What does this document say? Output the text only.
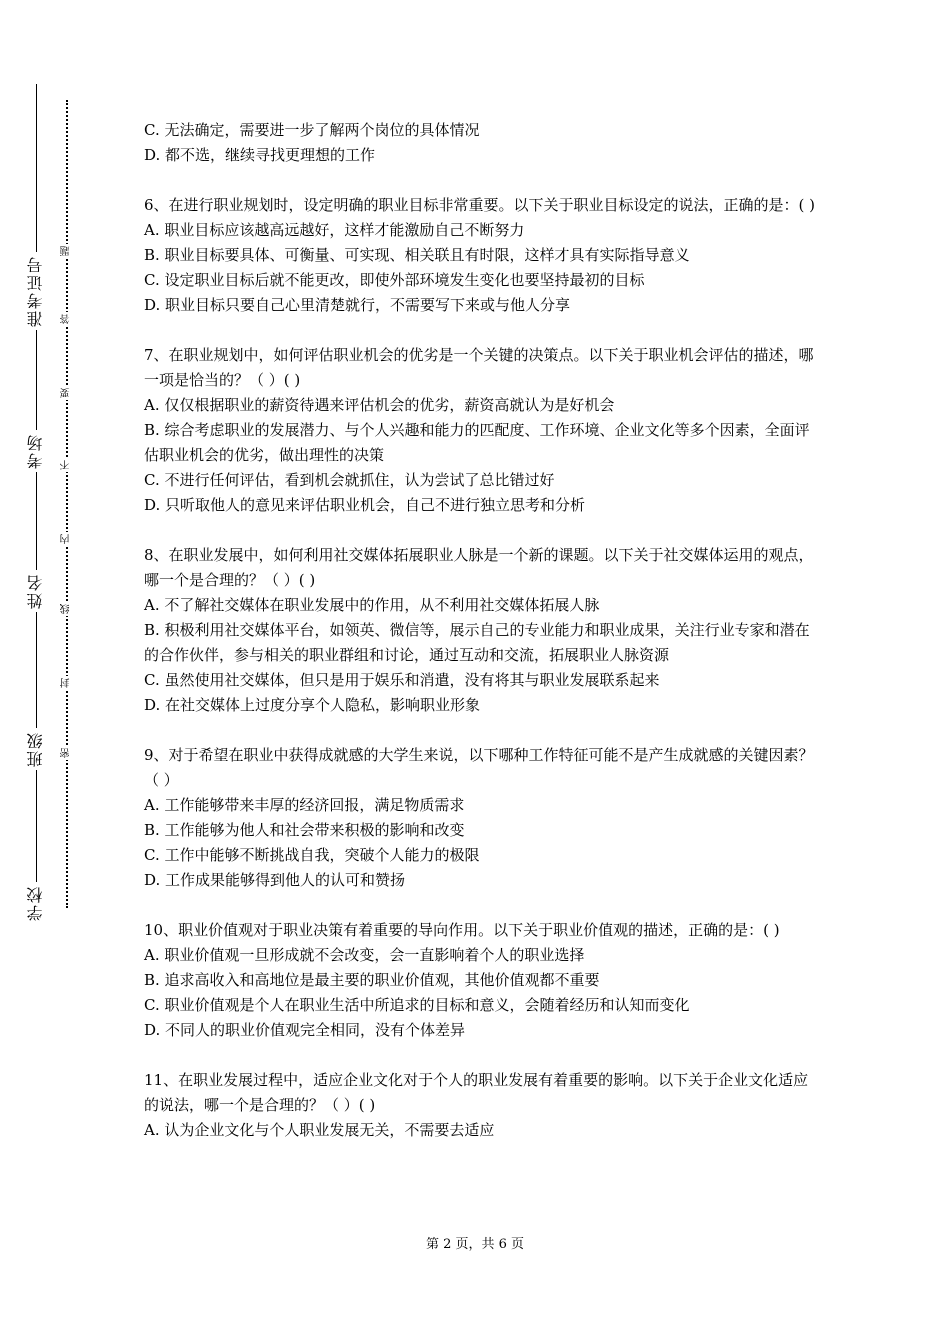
准考证号
考场
姓名
班级
学校
题
答
要
不
内
线
封
密

C. 无法确定，需要进一步了解两个岗位的具体情况

D. 都不选，继续寻找更理想的工作

6、在进行职业规划时，设定明确的职业目标非常重要。以下关于职业目标设定的说法，正确的是：( )

A. 职业目标应该越高远越好，这样才能激励自己不断努力

B. 职业目标要具体、可衡量、可实现、相关联且有时限，这样才具有实际指导意义

C. 设定职业目标后就不能更改，即使外部环境发生变化也要坚持最初的目标

D. 职业目标只要自己心里清楚就行，不需要写下来或与他人分享

7、在职业规划中，如何评估职业机会的优劣是一个关键的决策点。以下关于职业机会评估的描述，哪一项是恰当的？（ ）( )

A. 仅仅根据职业的薪资待遇来评估机会的优劣，薪资高就认为是好机会

B. 综合考虑职业的发展潜力、与个人兴趣和能力的匹配度、工作环境、企业文化等多个因素，全面评估职业机会的优劣，做出理性的决策

C. 不进行任何评估，看到机会就抓住，认为尝试了总比错过好

D. 只听取他人的意见来评估职业机会，自己不进行独立思考和分析

8、在职业发展中，如何利用社交媒体拓展职业人脉是一个新的课题。以下关于社交媒体运用的观点，哪一个是合理的？（ ）( )

A. 不了解社交媒体在职业发展中的作用，从不利用社交媒体拓展人脉

B. 积极利用社交媒体平台，如领英、微信等，展示自己的专业能力和职业成果，关注行业专家和潜在的合作伙伴，参与相关的职业群组和讨论，通过互动和交流，拓展职业人脉资源

C. 虽然使用社交媒体，但只是用于娱乐和消遣，没有将其与职业发展联系起来

D. 在社交媒体上过度分享个人隐私，影响职业形象

9、对于希望在职业中获得成就感的大学生来说，以下哪种工作特征可能不是产生成就感的关键因素？（ ）

A. 工作能够带来丰厚的经济回报，满足物质需求

B. 工作能够为他人和社会带来积极的影响和改变

C. 工作中能够不断挑战自我，突破个人能力的极限

D. 工作成果能够得到他人的认可和赞扬

10、职业价值观对于职业决策有着重要的导向作用。以下关于职业价值观的描述，正确的是：( )

A. 职业价值观一旦形成就不会改变，会一直影响着个人的职业选择

B. 追求高收入和高地位是最主要的职业价值观，其他价值观都不重要

C. 职业价值观是个人在职业生活中所追求的目标和意义，会随着经历和认知而变化

D. 不同人的职业价值观完全相同，没有个体差异

11、在职业发展过程中，适应企业文化对于个人的职业发展有着重要的影响。以下关于企业文化适应的说法，哪一个是合理的？（ ）( )

A. 认为企业文化与个人职业发展无关，不需要去适应

第 2 页，共 6 页
